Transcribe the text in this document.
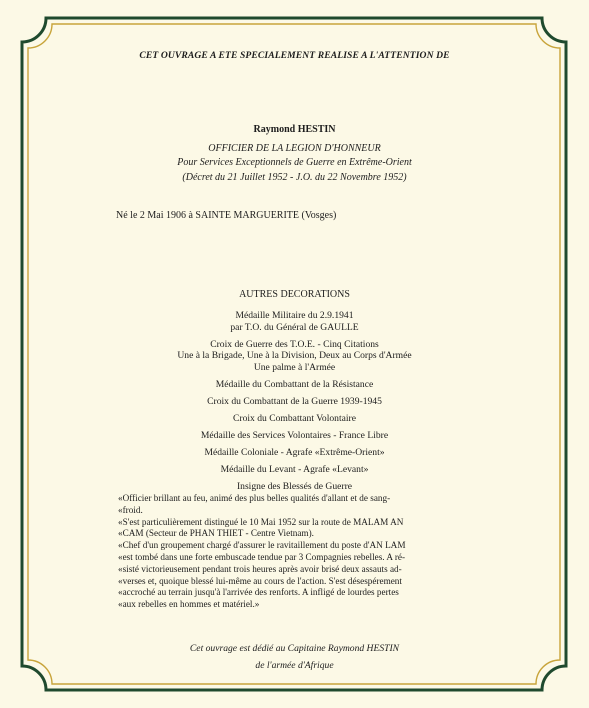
CET OUVRAGE A ETE SPECIALEMENT REALISE A L'ATTENTION DE
Raymond HESTIN
OFFICIER DE LA LEGION D'HONNEUR
Pour Services Exceptionnels de Guerre en Extrême-Orient
(Décret du 21 Juillet 1952 - J.O. du 22 Novembre 1952)
Né le 2 Mai 1906 à SAINTE MARGUERITE (Vosges)
AUTRES DECORATIONS
Médaille Militaire du 2.9.1941
par T.O. du Général de GAULLE
Croix de Guerre des T.O.E. - Cinq Citations
Une à la Brigade, Une à la Division, Deux au Corps d'Armée
Une palme à l'Armée
Médaille du Combattant de la Résistance
Croix du Combattant de la Guerre 1939-1945
Croix du Combattant Volontaire
Médaille des Services Volontaires - France Libre
Médaille Coloniale - Agrafe «Extrême-Orient»
Médaille du Levant - Agrafe «Levant»
Insigne des Blessés de Guerre
«Officier brillant au feu, animé des plus belles qualités d'allant et de sang-
«froid.
«S'est particulièrement distingué le 10 Mai 1952 sur la route de MALAM AN
«CAM (Secteur de PHAN THIET - Centre Vietnam).
«Chef d'un groupement chargé d'assurer le ravitaillement du poste d'AN LAM
«est tombé dans une forte embuscade tendue par 3 Compagnies rebelles. A ré-
«sisté victorieusement pendant trois heures après avoir brisé deux assauts ad-
«verses et, quoique blessé lui-même au cours de l'action. S'est désespérement
«accroché au terrain jusqu'à l'arrivée des renforts. A infligé de lourdes pertes
«aux rebelles en hommes et matériel.»
Cet ouvrage est dédié au Capitaine Raymond HESTIN
de l'armée d'Afrique
